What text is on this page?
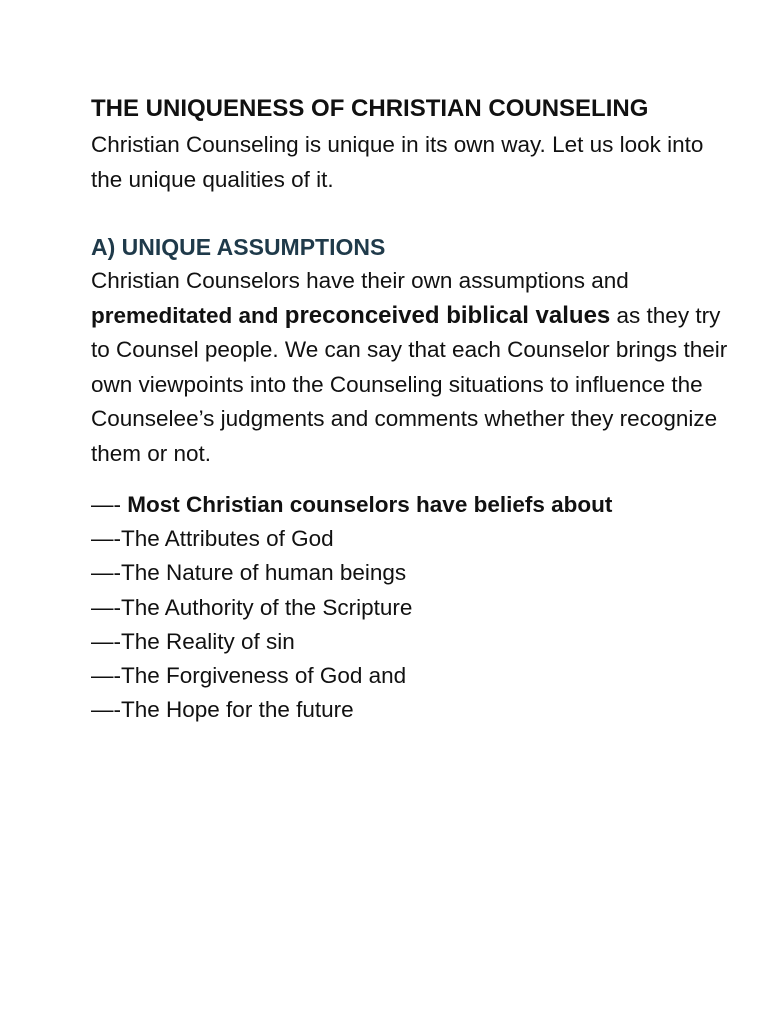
THE UNIQUENESS OF CHRISTIAN COUNSELING

Christian Counseling is unique in its own way. Let us look into the unique qualities of it.

A) UNIQUE ASSUMPTIONS

Christian Counselors have their own assumptions and premeditated and preconceived biblical values as they try to Counsel people. We can say that each Counselor brings their own viewpoints into the Counseling situations to influence the Counselee’s judgments and comments whether they recognize them or not.

—- Most Christian counselors have beliefs about
—-The Attributes of God
—-The Nature of human beings
—-The Authority of the Scripture
—-The Reality of sin
—-The Forgiveness of God and
—-The Hope for the future
